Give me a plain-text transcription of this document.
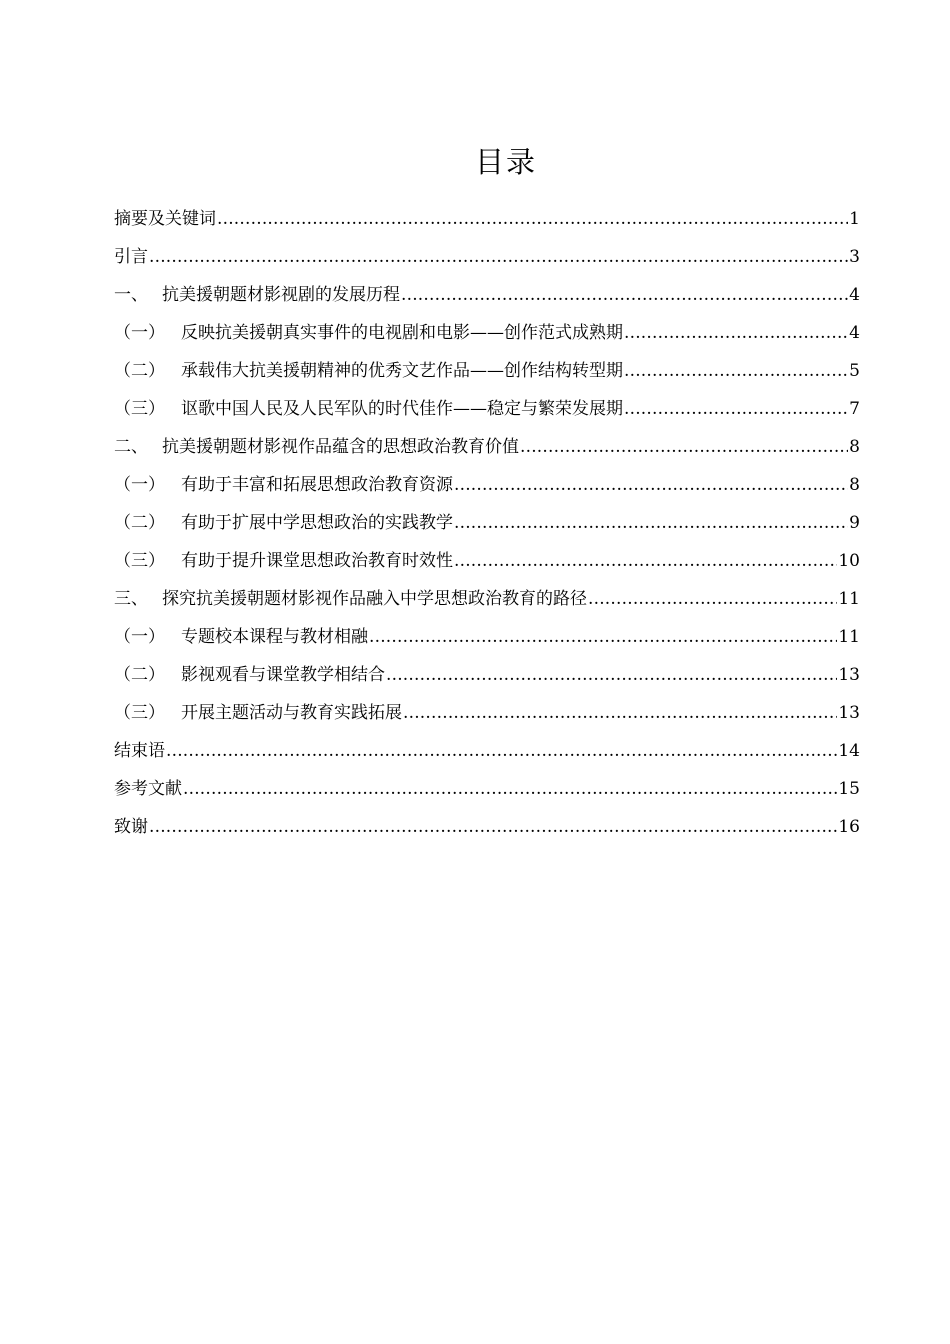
目录
摘要及关键词 .....	1
引言 .....	3
一、 抗美援朝题材影视剧的发展历程 .....	4
（一） 反映抗美援朝真实事件的电视剧和电影——创作范式成熟期 .....	4
（二） 承载伟大抗美援朝精神的优秀文艺作品——创作结构转型期 .....	5
（三） 讴歌中国人民及人民军队的时代佳作——稳定与繁荣发展期 .....	7
二、 抗美援朝题材影视作品蕴含的思想政治教育价值 .....	8
（一） 有助于丰富和拓展思想政治教育资源 .....	8
（二） 有助于扩展中学思想政治的实践教学 .....	9
（三） 有助于提升课堂思想政治教育时效性 .....	10
三、 探究抗美援朝题材影视作品融入中学思想政治教育的路径 .....	11
（一） 专题校本课程与教材相融 .....	11
（二） 影视观看与课堂教学相结合 .....	13
（三） 开展主题活动与教育实践拓展 .....	13
结束语 .....	14
参考文献 .....	15
致谢 .....	16
